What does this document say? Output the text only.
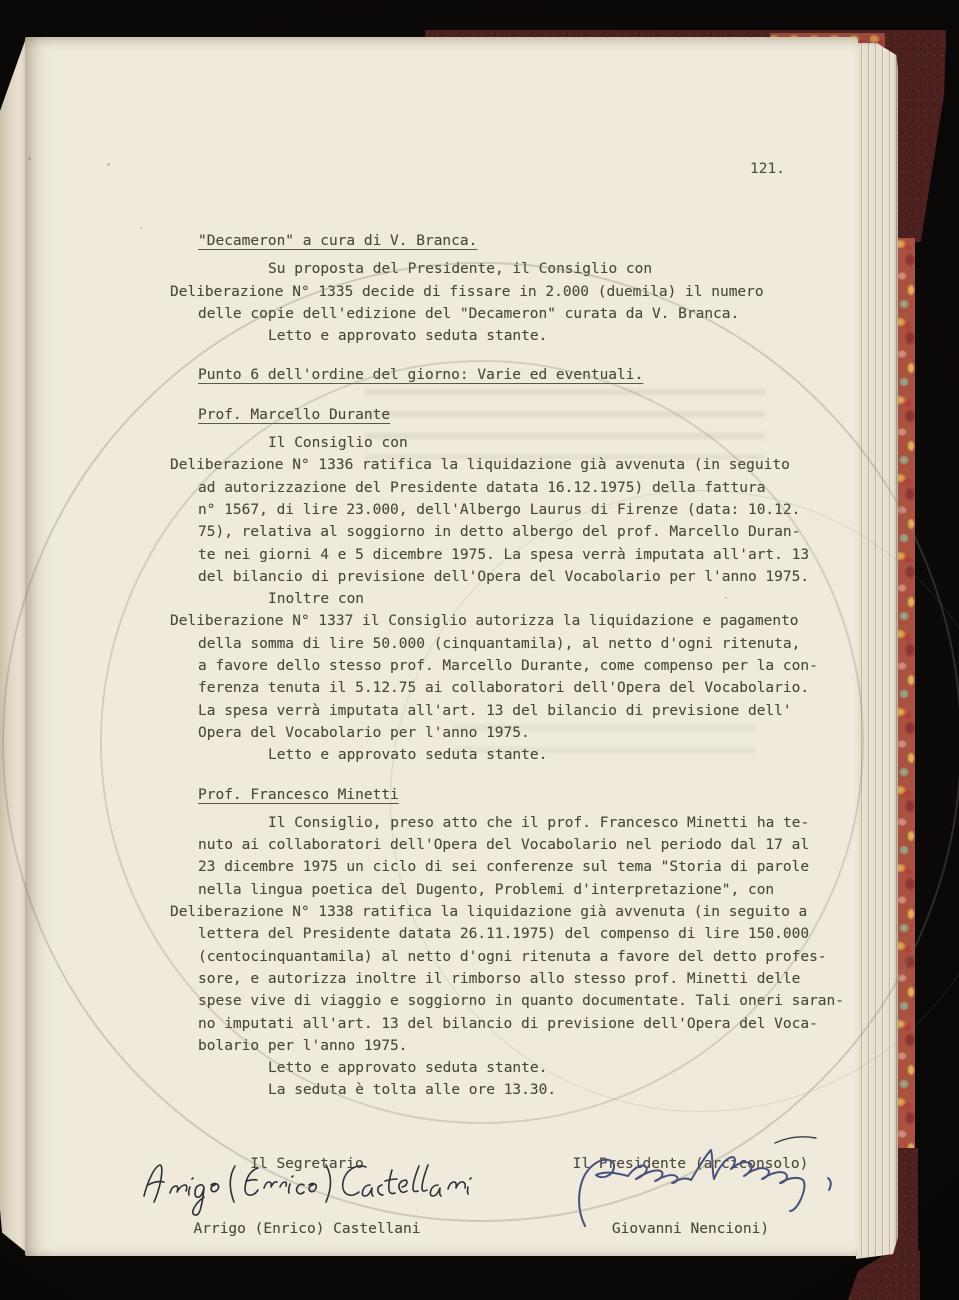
121.
"Decameron" a cura di V. Branca.
Su proposta del Presidente, il Consiglio con
Deliberazione N° 1335 decide di fissare in 2.000 (duemila) il numero
delle copie dell'edizione del "Decameron" curata da V. Branca.
Letto e approvato seduta stante.
Punto 6 dell'ordine del giorno: Varie ed eventuali.
Prof. Marcello Durante
Il Consiglio con
Deliberazione N° 1336 ratifica la liquidazione già avvenuta (in seguito
ad autorizzazione del Presidente datata 16.12.1975) della fattura
n° 1567, di lire 23.000, dell'Albergo Laurus di Firenze (data: 10.12.
75), relativa al soggiorno in detto albergo del prof. Marcello Duran-
te nei giorni 4 e 5 dicembre 1975. La spesa verrà imputata all'art. 13
del bilancio di previsione dell'Opera del Vocabolario per l'anno 1975.
Inoltre con
Deliberazione N° 1337 il Consiglio autorizza la liquidazione e pagamento
della somma di lire 50.000 (cinquantamila), al netto d'ogni ritenuta,
a favore dello stesso prof. Marcello Durante, come compenso per la con-
ferenza tenuta il 5.12.75 ai collaboratori dell'Opera del Vocabolario.
La spesa verrà imputata all'art. 13 del bilancio di previsione dell'
Opera del Vocabolario per l'anno 1975.
Letto e approvato seduta stante.
Prof. Francesco Minetti
Il Consiglio, preso atto che il prof. Francesco Minetti ha te-
nuto ai collaboratori dell'Opera del Vocabolario nel periodo dal 17 al
23 dicembre 1975 un ciclo di sei conferenze sul tema "Storia di parole
nella lingua poetica del Dugento, Problemi d'interpretazione", con
Deliberazione N° 1338 ratifica la liquidazione già avvenuta (in seguito a
lettera del Presidente datata 26.11.1975) del compenso di lire 150.000
(centocinquantamila) al netto d'ogni ritenuta a favore del detto profes-
sore, e autorizza inoltre il rimborso allo stesso prof. Minetti delle
spese vive di viaggio e soggiorno in quanto documentate. Tali oneri saran-
no imputati all'art. 13 del bilancio di previsione dell'Opera del Voca-
bolario per l'anno 1975.
Letto e approvato seduta stante.
La seduta è tolta alle ore 13.30.

Il Segretario

Arrigo (Enrico) Castellani

Il Presidente (arciconsolo)

Giovanni Nencioni)
